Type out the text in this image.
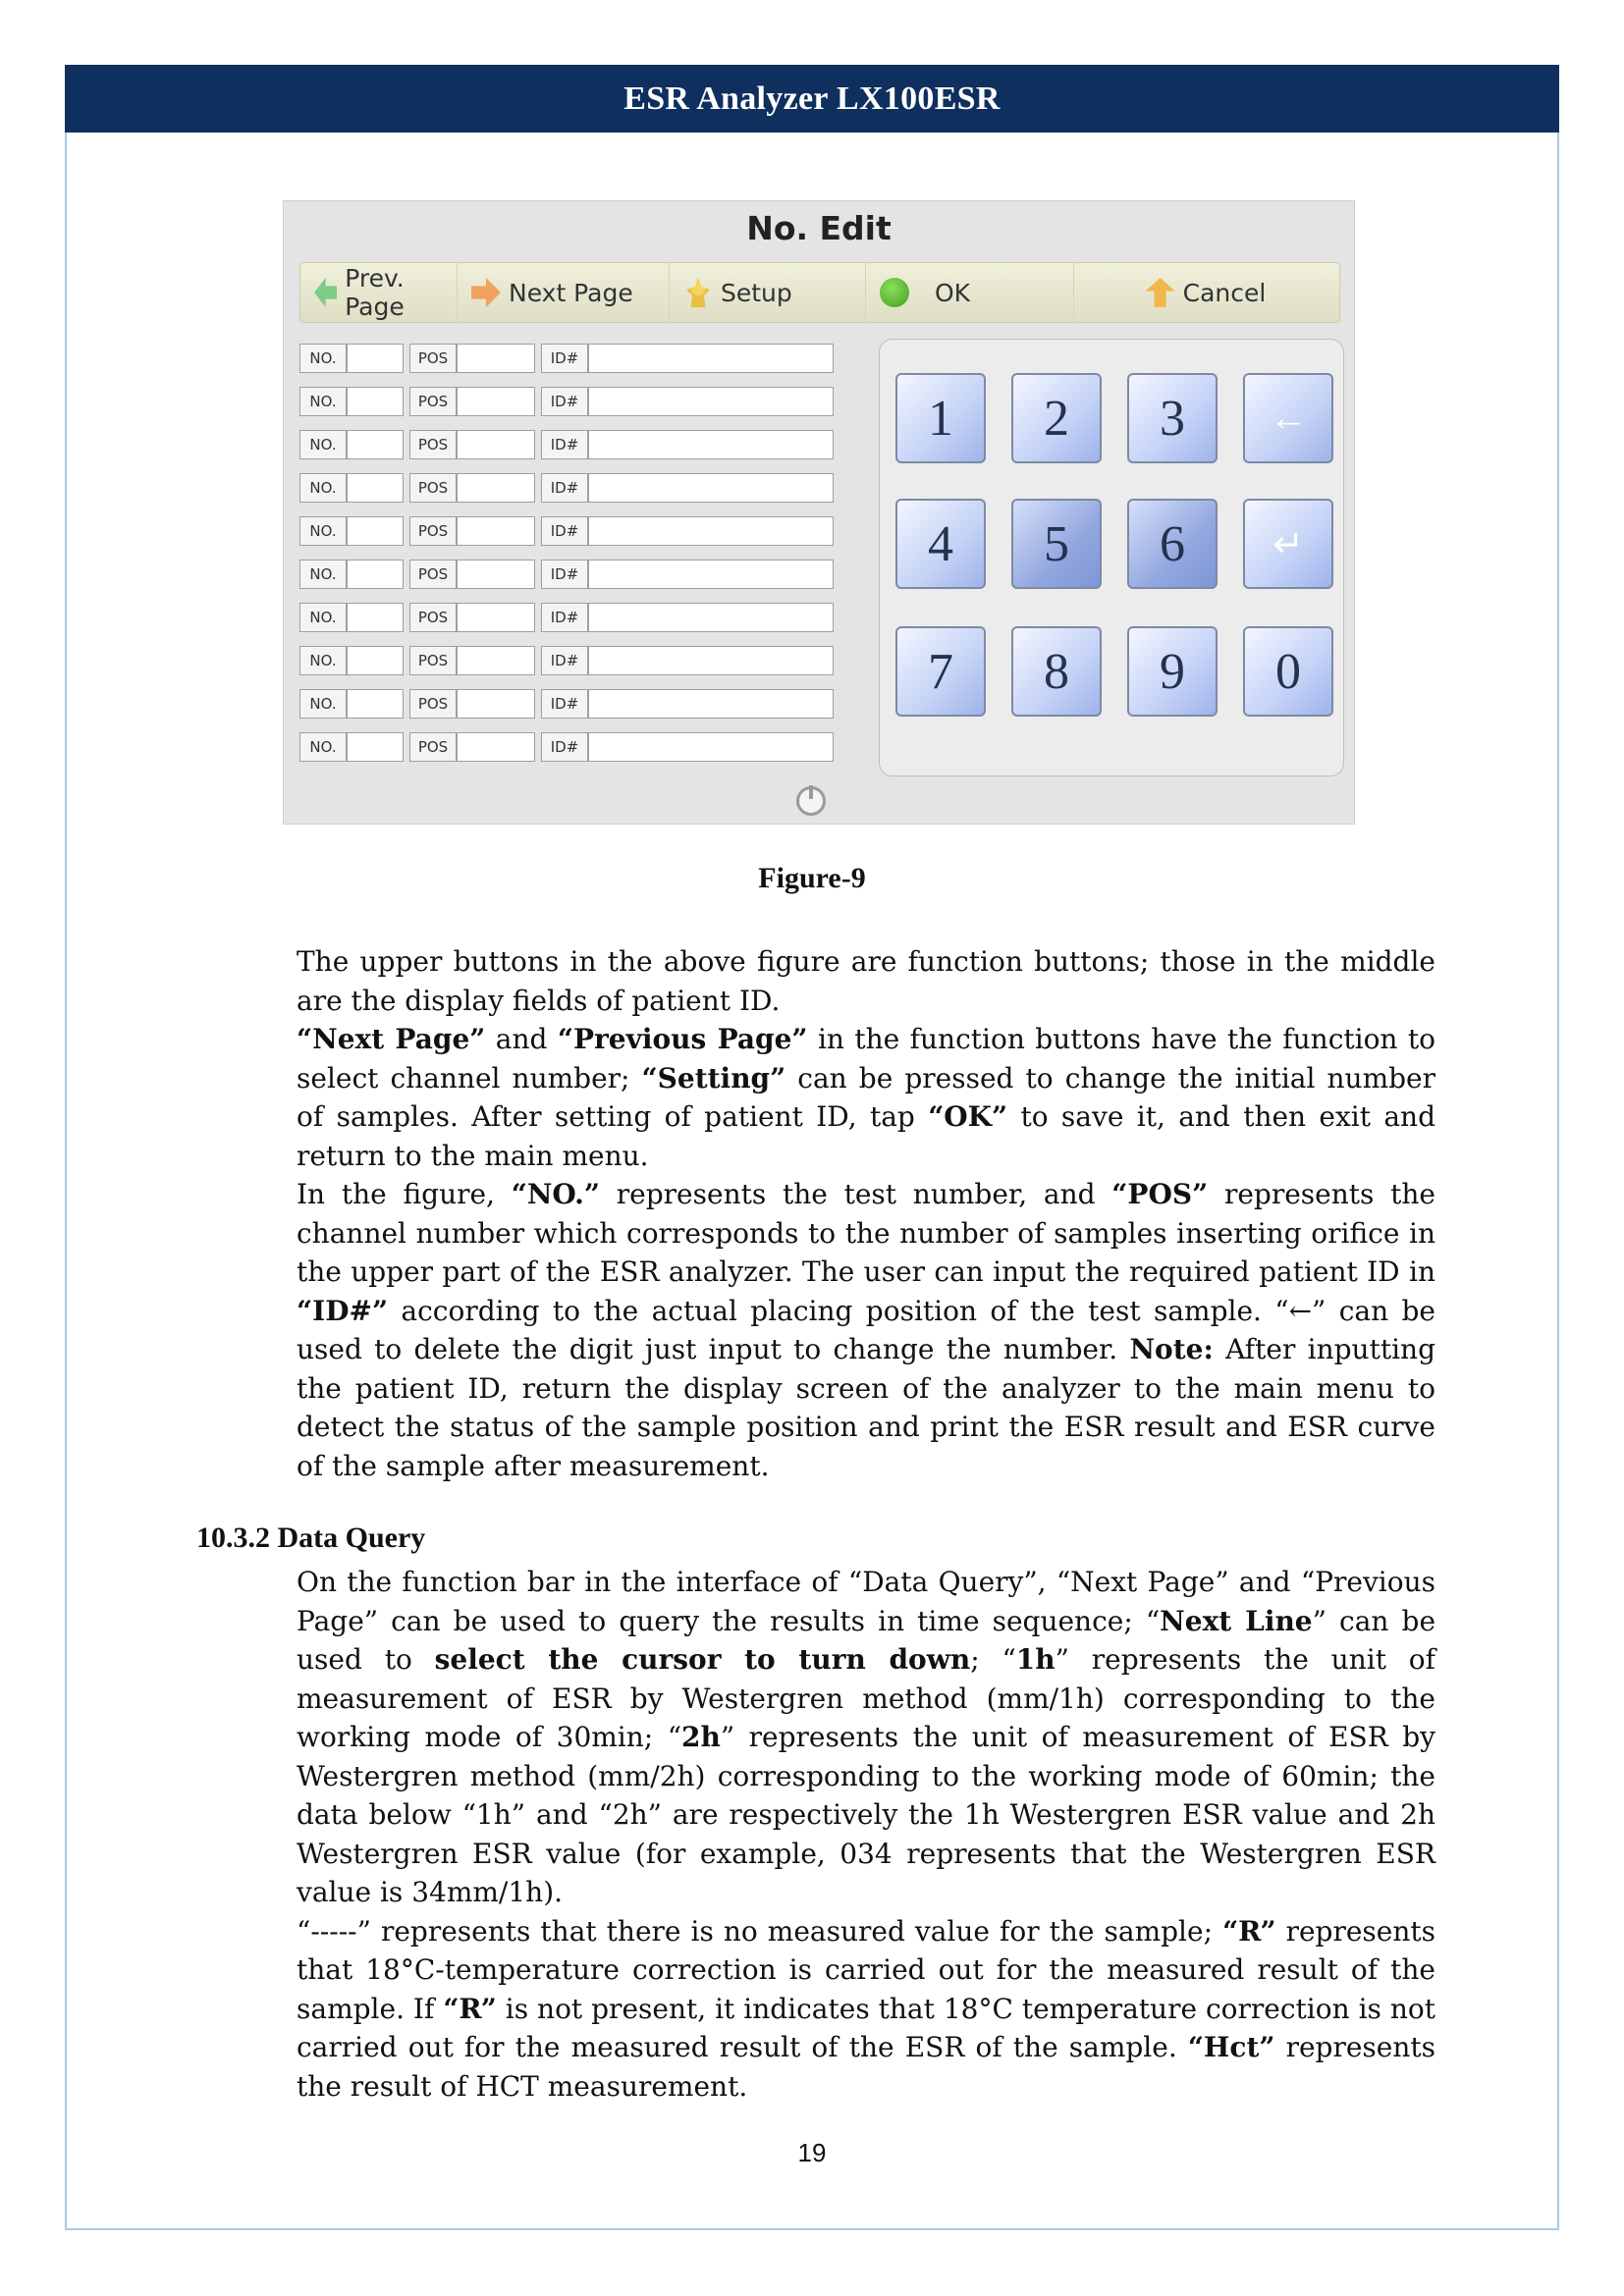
ESR Analyzer LX100ESR
No. Edit
Prev. Page	Next Page	Setup	OK	Cancel
NO.	POS	ID#
NO.	POS	ID#
NO.	POS	ID#
NO.	POS	ID#
NO.	POS	ID#
NO.	POS	ID#
NO.	POS	ID#
NO.	POS	ID#
NO.	POS	ID#
NO.	POS	ID#
1	2	3	←
4	5	6	↵
7	8	9	0
Figure-9

The upper buttons in the above figure are function buttons; those in the middle are the display fields of patient ID.

“Next Page” and “Previous Page” in the function buttons have the function to select channel number; “Setting” can be pressed to change the initial number of samples. After setting of patient ID, tap “OK” to save it, and then exit and return to the main menu.

In the figure, “NO.” represents the test number, and “POS” represents the channel number which corresponds to the number of samples inserting orifice in the upper part of the ESR analyzer. The user can input the required patient ID in “ID#” according to the actual placing position of the test sample. “←” can be used to delete the digit just input to change the number. Note: After inputting the patient ID, return the display screen of the analyzer to the main menu to detect the status of the sample position and print the ESR result and ESR curve of the sample after measurement.

10.3.2 Data Query

On the function bar in the interface of “Data Query”, “Next Page” and “Previous Page” can be used to query the results in time sequence; “Next Line” can be used to select the cursor to turn down; “1h” represents the unit of measurement of ESR by Westergren method (mm/1h) corresponding to the working mode of 30min; “2h” represents the unit of measurement of ESR by Westergren method (mm/2h) corresponding to the working mode of 60min; the data below “1h” and “2h” are respectively the 1h Westergren ESR value and 2h Westergren ESR value (for example, 034 represents that the Westergren ESR value is 34mm/1h).

“-----” represents that there is no measured value for the sample; “R” represents that 18°C-temperature correction is carried out for the measured result of the sample. If “R” is not present, it indicates that 18°C temperature correction is not carried out for the measured result of the ESR of the sample. “Hct” represents the result of HCT measurement.

19
